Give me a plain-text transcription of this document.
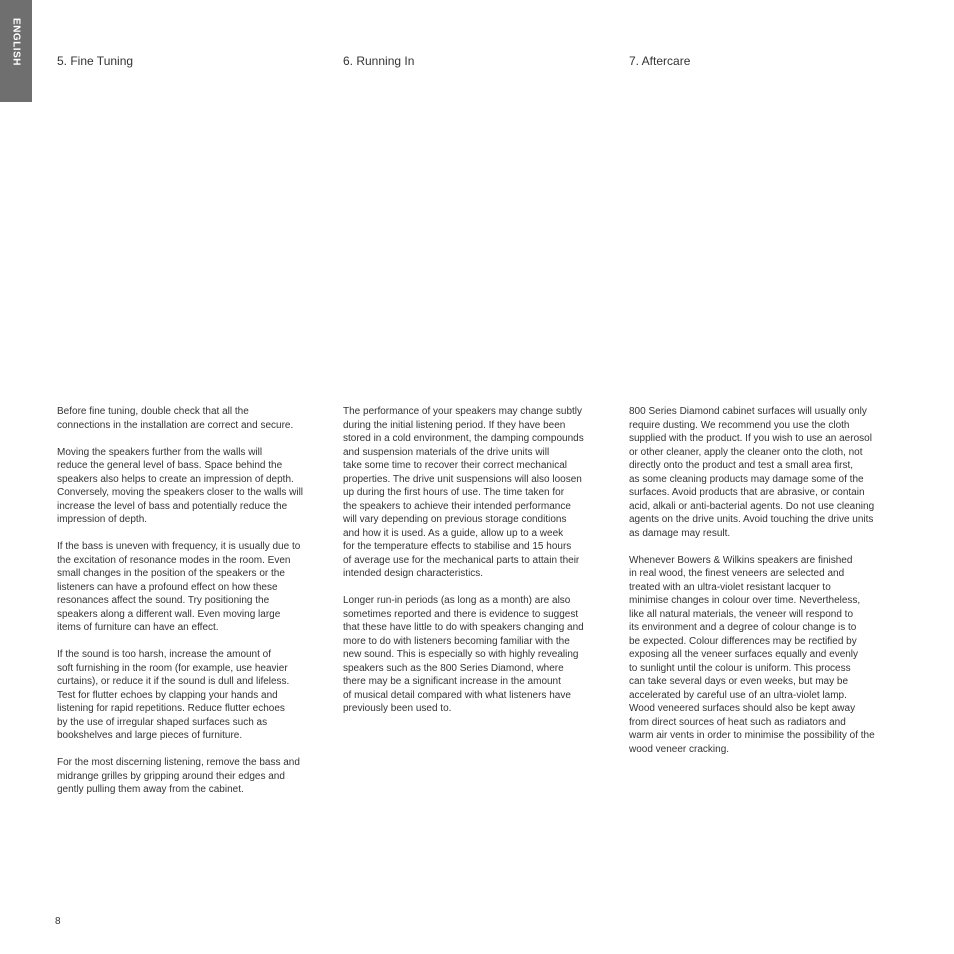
ENGLISH	5. Fine Tuning	6. Running In	7. Aftercare

Before fine tuning, double check that all the
connections in the installation are correct and secure.

Moving the speakers further from the walls will
reduce the general level of bass. Space behind the
speakers also helps to create an impression of depth.
Conversely, moving the speakers closer to the walls will
increase the level of bass and potentially reduce the
impression of depth.

If the bass is uneven with frequency, it is usually due to
the excitation of resonance modes in the room. Even
small changes in the position of the speakers or the
listeners can have a profound effect on how these
resonances affect the sound. Try positioning the
speakers along a different wall. Even moving large
items of furniture can have an effect.

If the sound is too harsh, increase the amount of
soft furnishing in the room (for example, use heavier
curtains), or reduce it if the sound is dull and lifeless.
Test for flutter echoes by clapping your hands and
listening for rapid repetitions. Reduce flutter echoes
by the use of irregular shaped surfaces such as
bookshelves and large pieces of furniture.

For the most discerning listening, remove the bass and
midrange grilles by gripping around their edges and
gently pulling them away from the cabinet.

The performance of your speakers may change subtly
during the initial listening period. If they have been
stored in a cold environment, the damping compounds
and suspension materials of the drive units will
take some time to recover their correct mechanical
properties. The drive unit suspensions will also loosen
up during the first hours of use. The time taken for
the speakers to achieve their intended performance
will vary depending on previous storage conditions
and how it is used. As a guide, allow up to a week
for the temperature effects to stabilise and 15 hours
of average use for the mechanical parts to attain their
intended design characteristics.

Longer run-in periods (as long as a month) are also
sometimes reported and there is evidence to suggest
that these have little to do with speakers changing and
more to do with listeners becoming familiar with the
new sound. This is especially so with highly revealing
speakers such as the 800 Series Diamond, where
there may be a significant increase in the amount
of musical detail compared with what listeners have
previously been used to.

800 Series Diamond cabinet surfaces will usually only
require dusting. We recommend you use the cloth
supplied with the product. If you wish to use an aerosol
or other cleaner, apply the cleaner onto the cloth, not
directly onto the product and test a small area first,
as some cleaning products may damage some of the
surfaces. Avoid products that are abrasive, or contain
acid, alkali or anti-bacterial agents. Do not use cleaning
agents on the drive units. Avoid touching the drive units
as damage may result.

Whenever Bowers & Wilkins speakers are finished
in real wood, the finest veneers are selected and
treated with an ultra-violet resistant lacquer to
minimise changes in colour over time. Nevertheless,
like all natural materials, the veneer will respond to
its environment and a degree of colour change is to
be expected. Colour differences may be rectified by
exposing all the veneer surfaces equally and evenly
to sunlight until the colour is uniform. This process
can take several days or even weeks, but may be
accelerated by careful use of an ultra-violet lamp.
Wood veneered surfaces should also be kept away
from direct sources of heat such as radiators and
warm air vents in order to minimise the possibility of the
wood veneer cracking.

8
